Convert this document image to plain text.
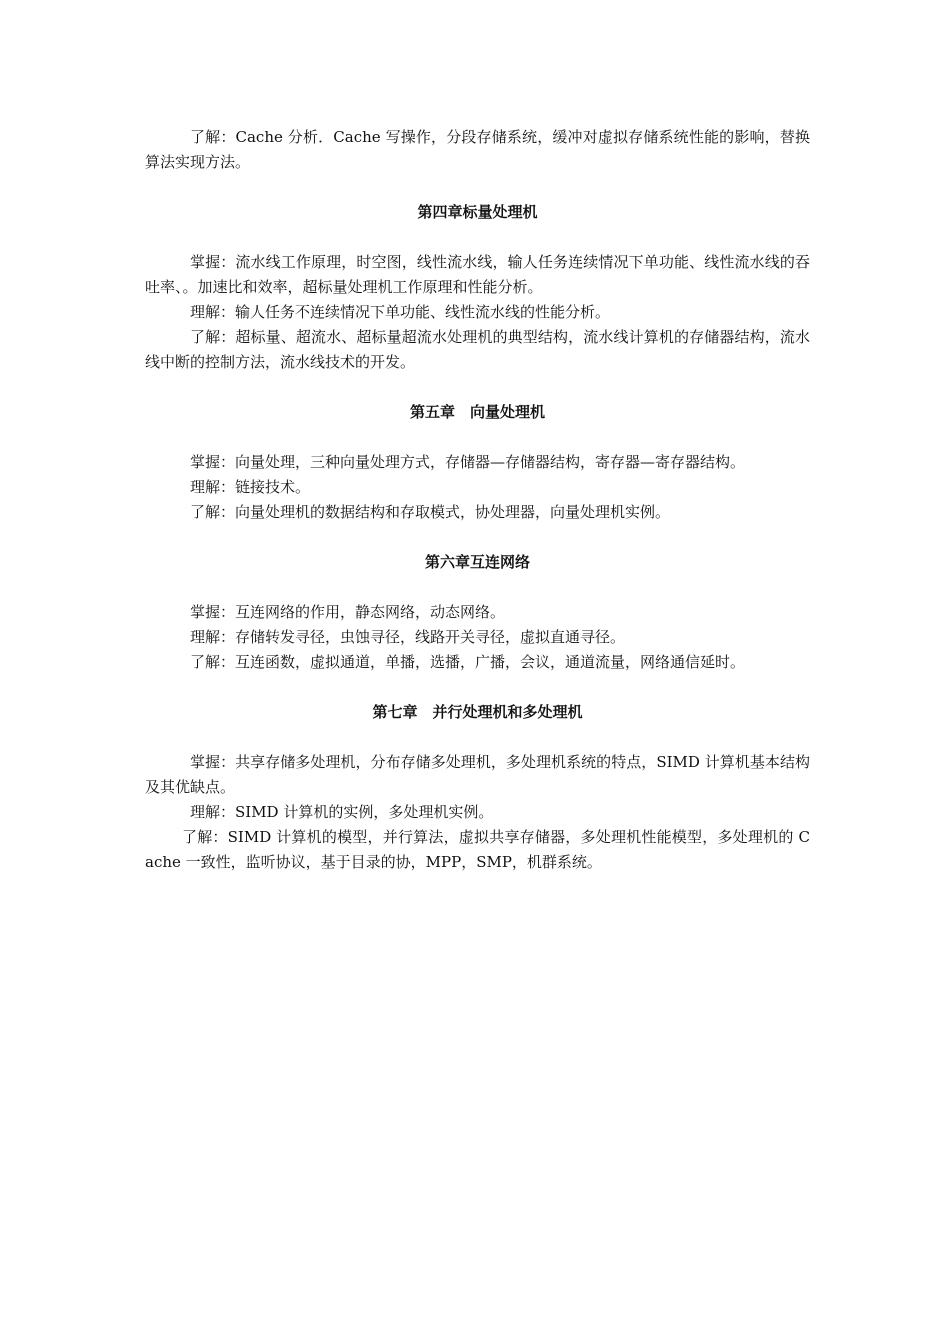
了解：Cache 分析．Cache 写操作，分段存储系统，缓冲对虚拟存储系统性能的影响，替换算法实现方法。

第四章标量处理机

掌握：流水线工作原理，时空图，线性流水线，输人任务连续情况下单功能、线性流水线的吞吐率、。加速比和效率，超标量处理机工作原理和性能分析。

理解：输人任务不连续情况下单功能、线性流水线的性能分析。

了解：超标量、超流水、超标量超流水处理机的典型结构，流水线计算机的存储器结构，流水线中断的控制方法，流水线技术的开发。

第五章　向量处理机

掌握：向量处理，三种向量处理方式，存储器—存储器结构，寄存器—寄存器结构。

理解：链接技术。

了解：向量处理机的数据结构和存取模式，协处理器，向量处理机实例。

第六章互连网络

掌握：互连网络的作用，静态网络，动态网络。

理解：存储转发寻径，虫蚀寻径，线路开关寻径，虚拟直通寻径。

了解：互连函数，虚拟通道，单播，选播，广播，会议，通道流量，网络通信延时。

第七章　并行处理机和多处理机

掌握：共享存储多处理机，分布存储多处理机，多处理机系统的特点，SIMD 计算机基本结构及其优缺点。

理解：SIMD 计算机的实例，多处理机实例。

了解：SIMD 计算机的模型，并行算法，虚拟共享存储器，多处理机性能模型，多处理机的 Cache 一致性，监听协议，基于目录的协，MPP，SMP，机群系统。
